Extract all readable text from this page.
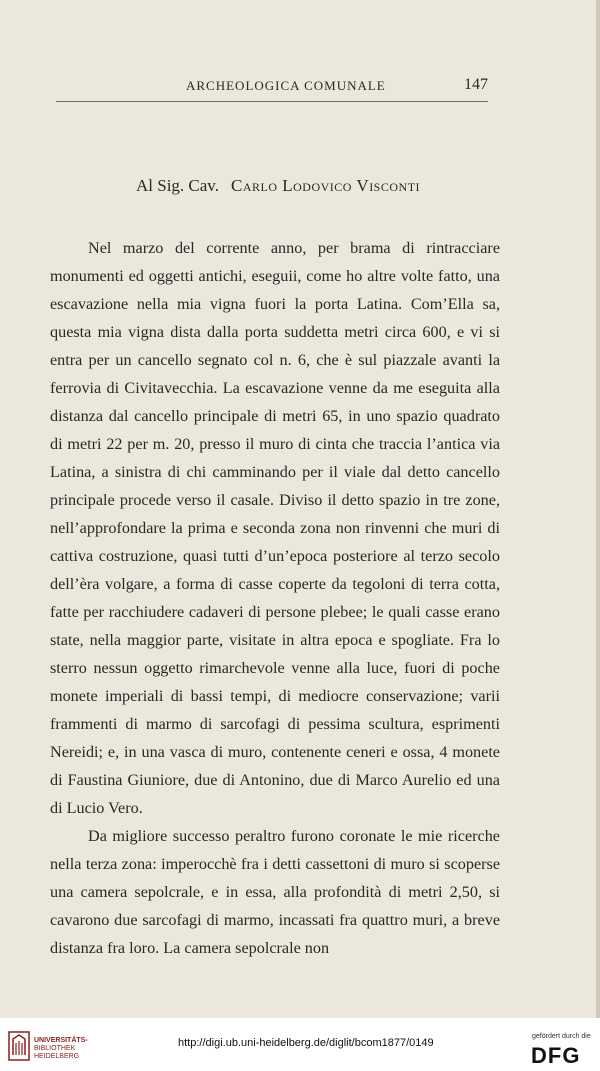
ARCHEOLOGICA COMUNALE	147
Al Sig. Cav. Carlo Lodovico Visconti

Nel marzo del corrente anno, per brama di rintracciare monumenti ed oggetti antichi, eseguii, come ho altre volte fatto, una escavazione nella mia vigna fuori la porta Latina. Com’Ella sa, questa mia vigna dista dalla porta suddetta metri circa 600, e vi si entra per un cancello segnato col n. 6, che è sul piazzale avanti la ferrovia di Civitavecchia. La escavazione venne da me eseguita alla distanza dal cancello principale di metri 65, in uno spazio quadrato di metri 22 per m. 20, presso il muro di cinta che traccia l’antica via Latina, a sinistra di chi camminando per il viale dal detto cancello principale procede verso il casale. Diviso il detto spazio in tre zone, nell’approfondare la prima e seconda zona non rinvenni che muri di cattiva costruzione, quasi tutti d’un’epoca posteriore al terzo secolo dell’èra volgare, a forma di casse coperte da tegoloni di terra cotta, fatte per racchiudere cadaveri di persone plebee; le quali casse erano state, nella maggior parte, visitate in altra epoca e spogliate. Fra lo sterro nessun oggetto rimarchevole venne alla luce, fuori di poche monete imperiali di bassi tempi, di mediocre conservazione; varii frammenti di marmo di sarcofagi di pessima scultura, esprimenti Nereidi; e, in una vasca di muro, contenente ceneri e ossa, 4 monete di Faustina Giuniore, due di Antonino, due di Marco Aurelio ed una di Lucio Vero.

Da migliore successo peraltro furono coronate le mie ricerche nella terza zona: imperocchè fra i detti cassettoni di muro si scoperse una camera sepolcrale, e in essa, alla profondità di metri 2,50, si cavarono due sarcofagi di marmo, incassati fra quattro muri, a breve distanza fra loro. La camera sepolcrale non

UNIVERSITÄTS-
BIBLIOTHEK
HEIDELBERG
http://digi.ub.uni-heidelberg.de/diglit/bcom1877/0149
gefördert durch die
DFG
